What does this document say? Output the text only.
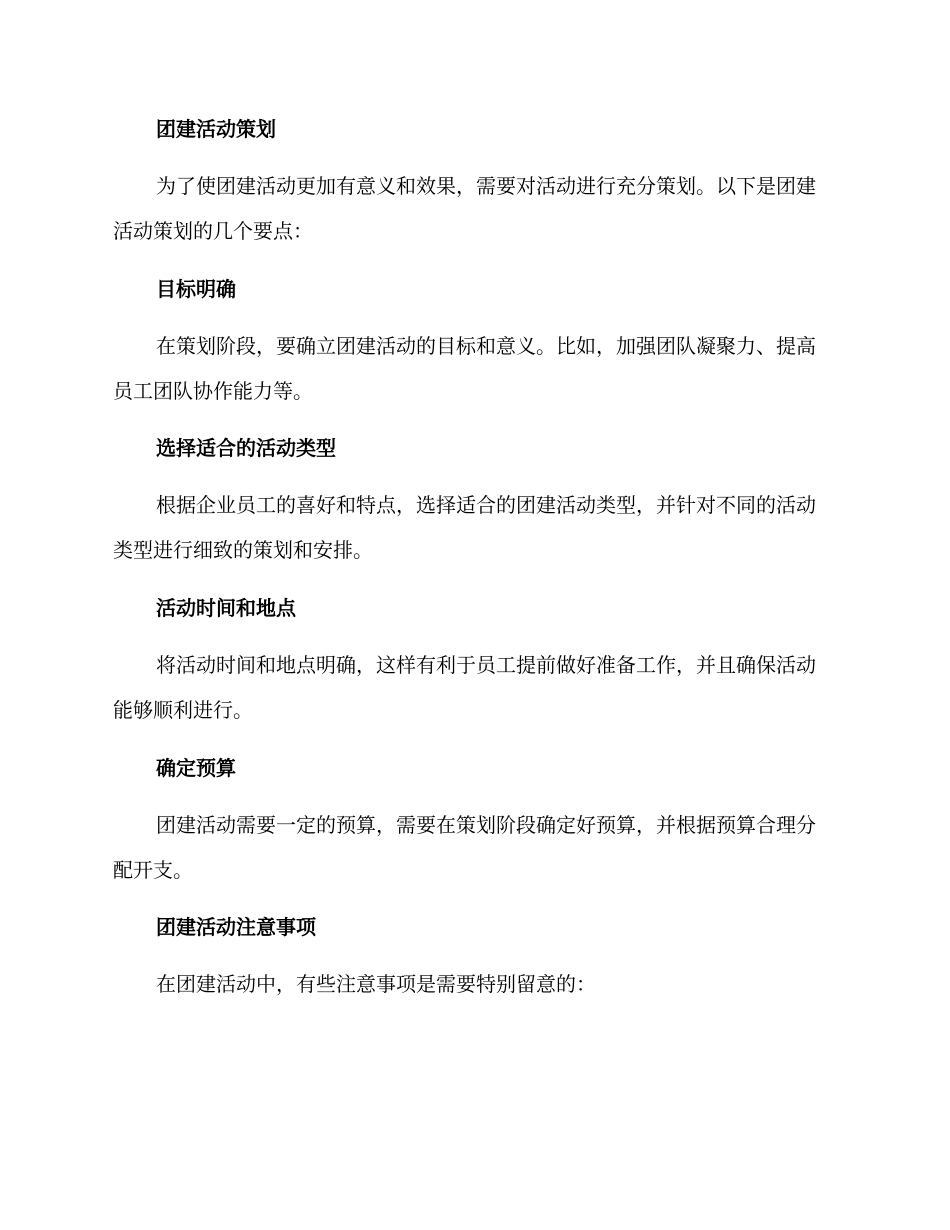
团建活动策划

为了使团建活动更加有意义和效果，需要对活动进行充分策划。以下是团建活动策划的几个要点：

目标明确

在策划阶段，要确立团建活动的目标和意义。比如，加强团队凝聚力、提高员工团队协作能力等。

选择适合的活动类型

根据企业员工的喜好和特点，选择适合的团建活动类型，并针对不同的活动类型进行细致的策划和安排。

活动时间和地点

将活动时间和地点明确，这样有利于员工提前做好准备工作，并且确保活动能够顺利进行。

确定预算

团建活动需要一定的预算，需要在策划阶段确定好预算，并根据预算合理分配开支。

团建活动注意事项

在团建活动中，有些注意事项是需要特别留意的：
